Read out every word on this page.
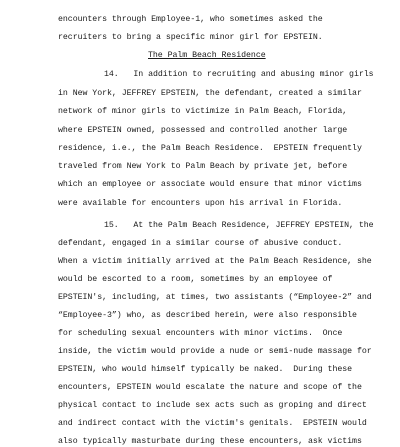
encounters through Employee-1, who sometimes asked the
recruiters to bring a specific minor girl for EPSTEIN.
The Palm Beach Residence
14.   In addition to recruiting and abusing minor girls
in New York, JEFFREY EPSTEIN, the defendant, created a similar
network of minor girls to victimize in Palm Beach, Florida,
where EPSTEIN owned, possessed and controlled another large
residence, i.e., the Palm Beach Residence.  EPSTEIN frequently
traveled from New York to Palm Beach by private jet, before
which an employee or associate would ensure that minor victims
were available for encounters upon his arrival in Florida.
15.   At the Palm Beach Residence, JEFFREY EPSTEIN, the
defendant, engaged in a similar course of abusive conduct.
When a victim initially arrived at the Palm Beach Residence, she
would be escorted to a room, sometimes by an employee of
EPSTEIN's, including, at times, two assistants (“Employee-2” and
“Employee-3”) who, as described herein, were also responsible
for scheduling sexual encounters with minor victims.  Once
inside, the victim would provide a nude or semi-nude massage for
EPSTEIN, who would himself typically be naked.  During these
encounters, EPSTEIN would escalate the nature and scope of the
physical contact to include sex acts such as groping and direct
and indirect contact with the victim's genitals.  EPSTEIN would
also typically masturbate during these encounters, ask victims
